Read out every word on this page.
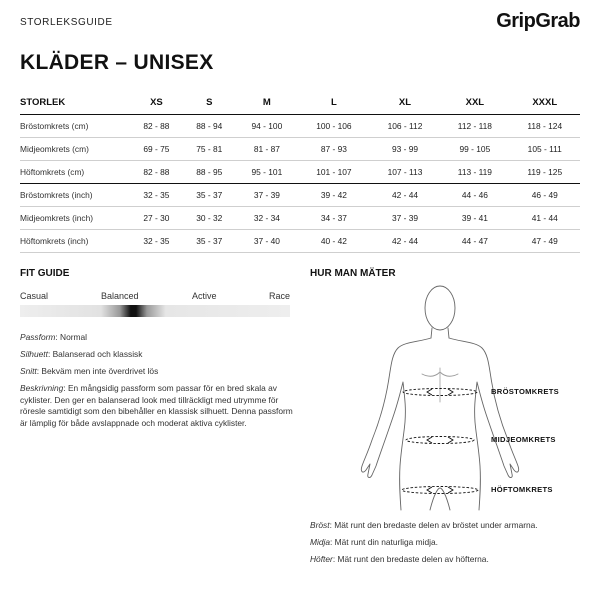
STORLEKSGUIDE	GripGrab
KLÄDER – UNISEX
STORLEK	XS	S	M	L	XL	XXL	XXXL
Bröstomkrets (cm)	82 - 88	88 - 94	94 - 100	100 - 106	106 - 112	112 - 118	118 - 124
Midjeomkrets (cm)	69 - 75	75 - 81	81 - 87	87 - 93	93 - 99	99 - 105	105 - 111
Höftomkrets (cm)	82 - 88	88 - 95	95 - 101	101 - 107	107 - 113	113 - 119	119 - 125
Bröstomkrets (inch)	32 - 35	35 - 37	37 - 39	39 - 42	42 - 44	44 - 46	46 - 49
Midjeomkrets (inch)	27 - 30	30 - 32	32 - 34	34 - 37	37 - 39	39 - 41	41 - 44
Höftomkrets (inch)	32 - 35	35 - 37	37 - 40	40 - 42	42 - 44	44 - 47	47 - 49
FIT GUIDE
Casual	Balanced	Active	Race
Passform: Normal
Silhuett: Balanserad och klassisk
Snitt: Bekväm men inte överdrivet lös
Beskrivning: En mångsidig passform som passar för en bred skala av cyklister. Den ger en balanserad look med tillräckligt med utrymme för röresle samtidigt som den bibehåller en klassisk silhuett. Denna passform är lämplig för både avslappnade och moderat aktiva cyklister.
HUR MAN MÄTER
BRÖSTOMKRETS
MIDJEOMKRETS
HÖFTOMKRETS
Bröst: Mät runt den bredaste delen av bröstet under armarna.
Midja: Mät runt din naturliga midja.
Höfter: Mät runt den bredaste delen av höfterna.
